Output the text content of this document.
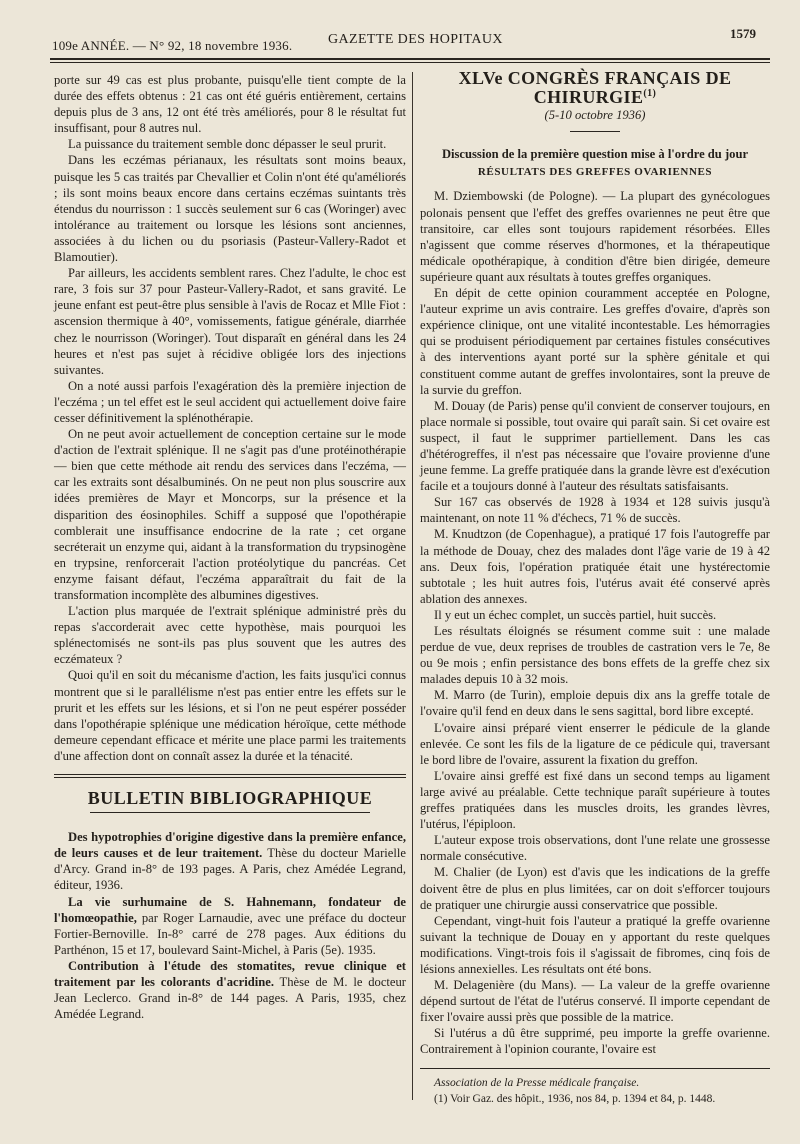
109e ANNÉE. — N° 92, 18 novembre 1936.	GAZETTE DES HOPITAUX	1579

porte sur 49 cas est plus probante, puisqu'elle tient compte de la durée des effets obtenus : 21 cas ont été guéris entièrement, certains depuis plus de 3 ans, 12 ont été très améliorés, pour 8 le résultat fut insuffisant, pour 8 autres nul.

La puissance du traitement semble donc dépasser le seul prurit.

Dans les eczémas périanaux, les résultats sont moins beaux, puisque les 5 cas traités par Chevallier et Colin n'ont été qu'améliorés ; ils sont moins beaux encore dans certains eczémas suintants très étendus du nourrisson : 1 succès seulement sur 6 cas (Woringer) avec intolérance au traitement ou lorsque les lésions sont anciennes, associées à du lichen ou du psoriasis (Pasteur-Vallery-Radot et Blamoutier).

Par ailleurs, les accidents semblent rares. Chez l'adulte, le choc est rare, 3 fois sur 37 pour Pasteur-Vallery-Radot, et sans gravité. Le jeune enfant est peut-être plus sensible à l'avis de Rocaz et Mlle Fiot : ascension thermique à 40°, vomissements, fatigue générale, diarrhée chez le nourrisson (Woringer). Tout disparaît en général dans les 24 heures et n'est pas sujet à récidive obligée lors des injections suivantes.

On a noté aussi parfois l'exagération dès la première injection de l'eczéma ; un tel effet est le seul accident qui actuellement doive faire cesser définitivement la splénothérapie.

On ne peut avoir actuellement de conception certaine sur le mode d'action de l'extrait splénique. Il ne s'agit pas d'une protéinothérapie — bien que cette méthode ait rendu des services dans l'eczéma, — car les extraits sont désalbuminés. On ne peut non plus souscrire aux idées premières de Mayr et Moncorps, sur la présence et la disparition des éosinophiles. Schiff a supposé que l'opothérapie comblerait une insuffisance endocrine de la rate ; cet organe secréterait un enzyme qui, aidant à la transformation du trypsinogène en trypsine, renforcerait l'action protéolytique du pancréas. Cet enzyme faisant défaut, l'eczéma apparaîtrait du fait de la transformation incomplète des albumines digestives.

L'action plus marquée de l'extrait splénique administré près du repas s'accorderait avec cette hypothèse, mais pourquoi les splénectomisés ne sont-ils pas plus souvent que les autres des eczémateux ?

Quoi qu'il en soit du mécanisme d'action, les faits jusqu'ici connus montrent que si le parallélisme n'est pas entier entre les effets sur le prurit et les effets sur les lésions, et si l'on ne peut espérer posséder dans l'opothérapie splénique une médication héroïque, cette méthode demeure cependant efficace et mérite une place parmi les traitements d'une affection dont on connaît assez la durée et la ténacité.

BULLETIN BIBLIOGRAPHIQUE

Des hypotrophies d'origine digestive dans la première enfance, de leurs causes et de leur traitement. Thèse du docteur Marielle d'Arcy. Grand in-8° de 193 pages. A Paris, chez Amédée Legrand, éditeur, 1936.

La vie surhumaine de S. Hahnemann, fondateur de l'homœopathie, par Roger Larnaudie, avec une préface du docteur Fortier-Bernoville. In-8° carré de 278 pages. Aux éditions du Parthénon, 15 et 17, boulevard Saint-Michel, à Paris (5e). 1935.

Contribution à l'étude des stomatites, revue clinique et traitement par les colorants d'acridine. Thèse de M. le docteur Jean Leclerco. Grand in-8° de 144 pages. A Paris, 1935, chez Amédée Legrand.

XLVe CONGRÈS FRANÇAIS DE CHIRURGIE$^{(1)}$
(5-10 octobre 1936)
Discussion de la première question mise à l'ordre du jour
RÉSULTATS DES GREFFES OVARIENNES

M. Dziembowski (de Pologne). — La plupart des gynécologues polonais pensent que l'effet des greffes ovariennes ne peut être que transitoire, car elles sont toujours rapidement résorbées. Elles n'agissent que comme réserves d'hormones, et la thérapeutique médicale opothérapique, à condition d'être bien dirigée, demeure supérieure quant aux résultats à toutes greffes organiques.

En dépit de cette opinion couramment acceptée en Pologne, l'auteur exprime un avis contraire. Les greffes d'ovaire, d'après son expérience clinique, ont une vitalité incontestable. Les hémorragies qui se produisent périodiquement par certaines fistules consécutives à des interventions ayant porté sur la sphère génitale et qui constituent comme autant de greffes involontaires, sont la preuve de la survie du greffon.

M. Douay (de Paris) pense qu'il convient de conserver toujours, en place normale si possible, tout ovaire qui paraît sain. Si cet ovaire est suspect, il faut le supprimer partiellement. Dans les cas d'hétérogreffes, il n'est pas nécessaire que l'ovaire provienne d'une jeune femme. La greffe pratiquée dans la grande lèvre est d'exécution facile et a toujours donné à l'auteur des résultats satisfaisants.

Sur 167 cas observés de 1928 à 1934 et 128 suivis jusqu'à maintenant, on note 11 % d'échecs, 71 % de succès.

M. Knudtzon (de Copenhague), a pratiqué 17 fois l'autogreffe par la méthode de Douay, chez des malades dont l'âge varie de 19 à 42 ans. Deux fois, l'opération pratiquée était une hystérectomie subtotale ; les huit autres fois, l'utérus avait été conservé après ablation des annexes.

Il y eut un échec complet, un succès partiel, huit succès.

Les résultats éloignés se résument comme suit : une malade perdue de vue, deux reprises de troubles de castration vers le 7e, 8e ou 9e mois ; enfin persistance des bons effets de la greffe chez six malades depuis 10 à 32 mois.

M. Marro (de Turin), emploie depuis dix ans la greffe totale de l'ovaire qu'il fend en deux dans le sens sagittal, bord libre excepté.

L'ovaire ainsi préparé vient enserrer le pédicule de la glande enlevée. Ce sont les fils de la ligature de ce pédicule qui, traversant le bord libre de l'ovaire, assurent la fixation du greffon.

L'ovaire ainsi greffé est fixé dans un second temps au ligament large avivé au préalable. Cette technique paraît supérieure à toutes greffes pratiquées dans les muscles droits, les grandes lèvres, l'utérus, l'épiploon.

L'auteur expose trois observations, dont l'une relate une grossesse normale consécutive.

M. Chalier (de Lyon) est d'avis que les indications de la greffe doivent être de plus en plus limitées, car on doit s'efforcer toujours de pratiquer une chirurgie aussi conservatrice que possible.

Cependant, vingt-huit fois l'auteur a pratiqué la greffe ovarienne suivant la technique de Douay en y apportant du reste quelques modifications. Vingt-trois fois il s'agissait de fibromes, cinq fois de lésions annexielles. Les résultats ont été bons.

M. Delagenière (du Mans). — La valeur de la greffe ovarienne dépend surtout de l'état de l'utérus conservé. Il importe cependant de fixer l'ovaire aussi près que possible de la matrice.

Si l'utérus a dû être supprimé, peu importe la greffe ovarienne. Contrairement à l'opinion courante, l'ovaire est

Association de la Presse médicale française.

(1) Voir Gaz. des hôpit., 1936, nos 84, p. 1394 et 84, p. 1448.
